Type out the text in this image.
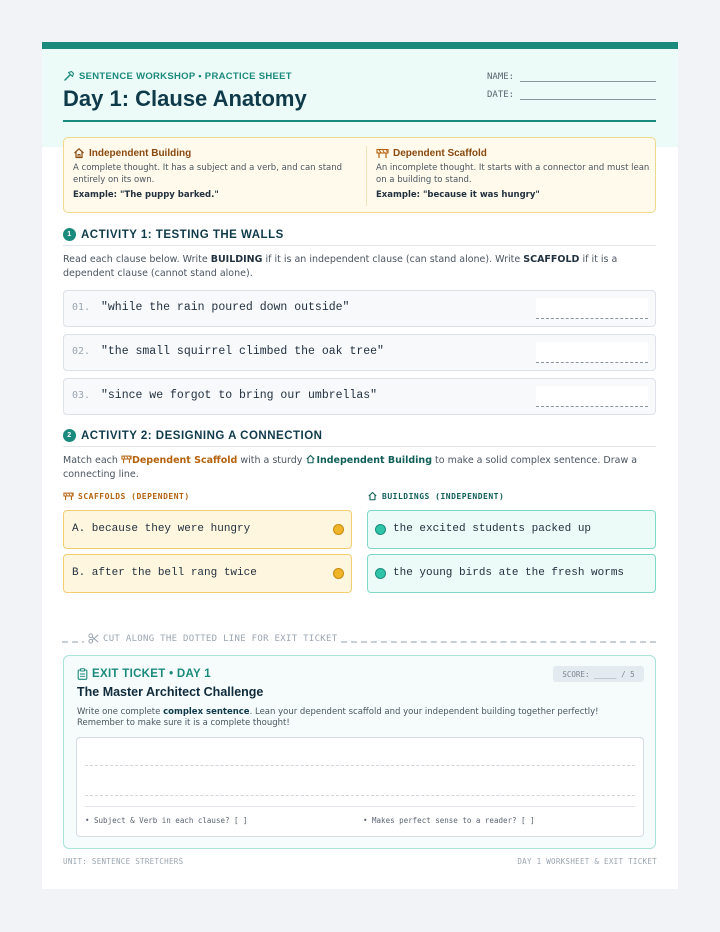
SENTENCE WORKSHOP • PRACTICE SHEET
Day 1: Clause Anatomy
NAME:
DATE:
Independent Building
A complete thought. It has a subject and a verb, and can stand entirely on its own.
Example: "The puppy barked."
Dependent Scaffold
An incomplete thought. It starts with a connector and must lean on a building to stand.
Example: "because it was hungry"
1 ACTIVITY 1: TESTING THE WALLS
Read each clause below. Write BUILDING if it is an independent clause (can stand alone). Write SCAFFOLD if it is a dependent clause (cannot stand alone).
01. "while the rain poured down outside"
02. "the small squirrel climbed the oak tree"
03. "since we forgot to bring our umbrellas"
2 ACTIVITY 2: DESIGNING A CONNECTION
Match each Dependent Scaffold with a sturdy Independent Building to make a solid complex sentence. Draw a connecting line.
SCAFFOLDS (DEPENDENT)	BUILDINGS (INDEPENDENT)
A. because they were hungry
B. after the bell rang twice
the excited students packed up
the young birds ate the fresh worms
CUT ALONG THE DOTTED LINE FOR EXIT TICKET
EXIT TICKET • DAY 1	SCORE: _____ / 5
The Master Architect Challenge
Write one complete complex sentence. Lean your dependent scaffold and your independent building together perfectly! Remember to make sure it is a complete thought!
• Subject & Verb in each clause? [ ]	• Makes perfect sense to a reader? [ ]
UNIT: SENTENCE STRETCHERS	DAY 1 WORKSHEET & EXIT TICKET
